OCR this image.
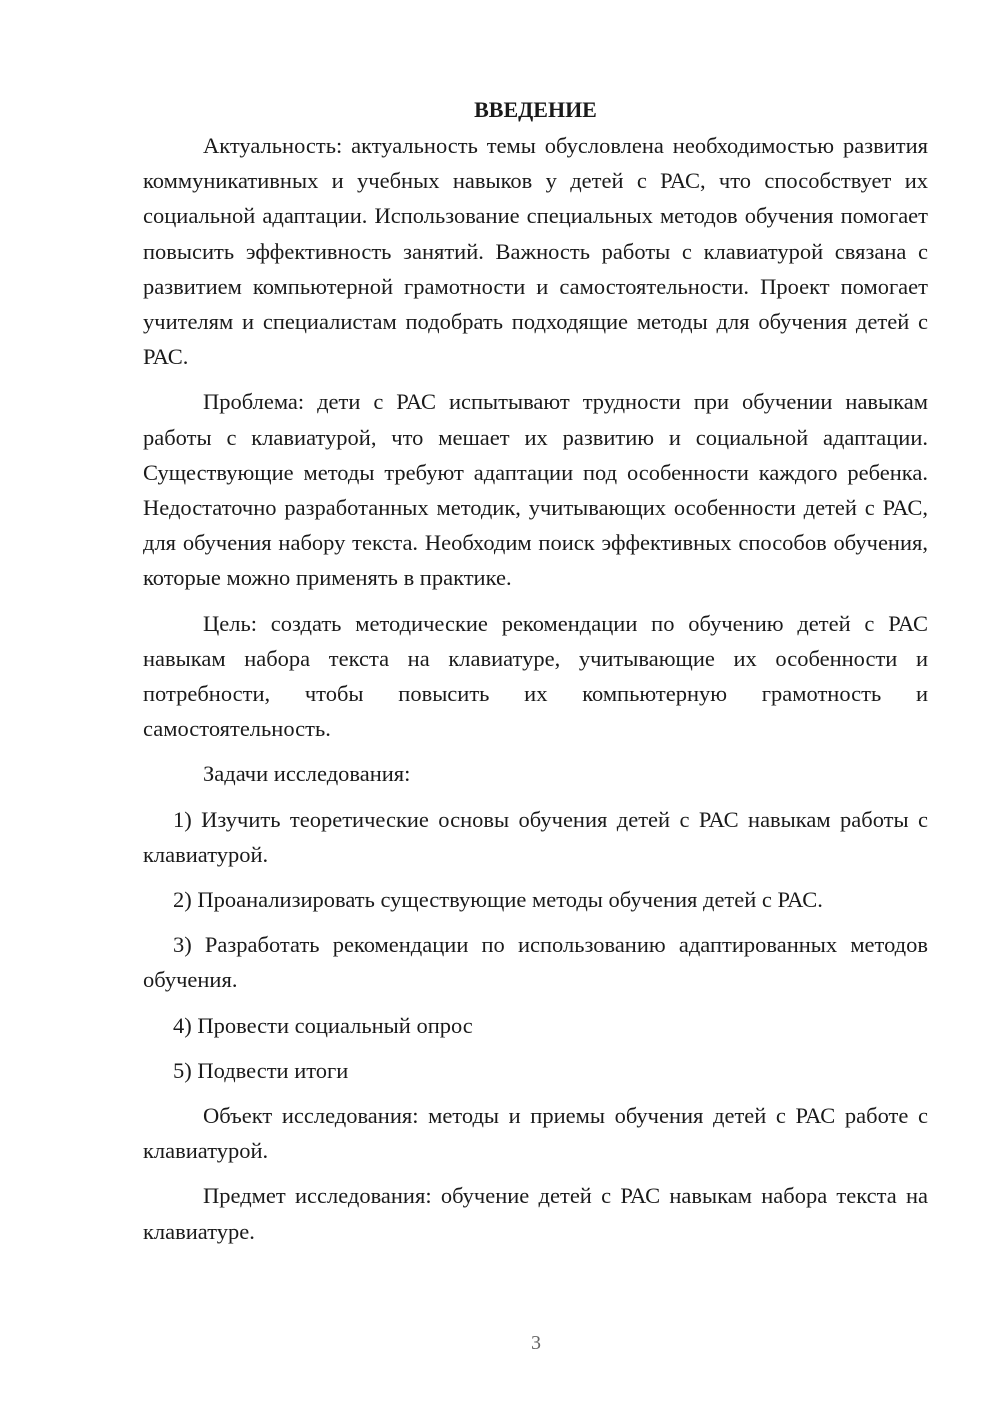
ВВЕДЕНИЕ

Актуальность: актуальность темы обусловлена необходимостью развития коммуникативных и учебных навыков у детей с РАС, что способствует их социальной адаптации. Использование специальных методов обучения помогает повысить эффективность занятий. Важность работы с клавиатурой связана с развитием компьютерной грамотности и самостоятельности. Проект помогает учителям и специалистам подобрать подходящие методы для обучения детей с РАС.

Проблема: дети с РАС испытывают трудности при обучении навыкам работы с клавиатурой, что мешает их развитию и социальной адаптации. Существующие методы требуют адаптации под особенности каждого ребенка. Недостаточно разработанных методик, учитывающих особенности детей с РАС, для обучения набору текста. Необходим поиск эффективных способов обучения, которые можно применять в практике.

Цель: создать методические рекомендации по обучению детей с РАС навыкам набора текста на клавиатуре, учитывающие их особенности и потребности, чтобы повысить их компьютерную грамотность и самостоятельность.

Задачи исследования:

1) Изучить теоретические основы обучения детей с РАС навыкам работы с клавиатурой.

2) Проанализировать существующие методы обучения детей с РАС.

3) Разработать рекомендации по использованию адаптированных методов обучения.

4) Провести социальный опрос

5) Подвести итоги

Объект исследования: методы и приемы обучения детей с РАС работе с клавиатурой.

Предмет исследования: обучение детей с РАС навыкам набора текста на клавиатуре.

3
